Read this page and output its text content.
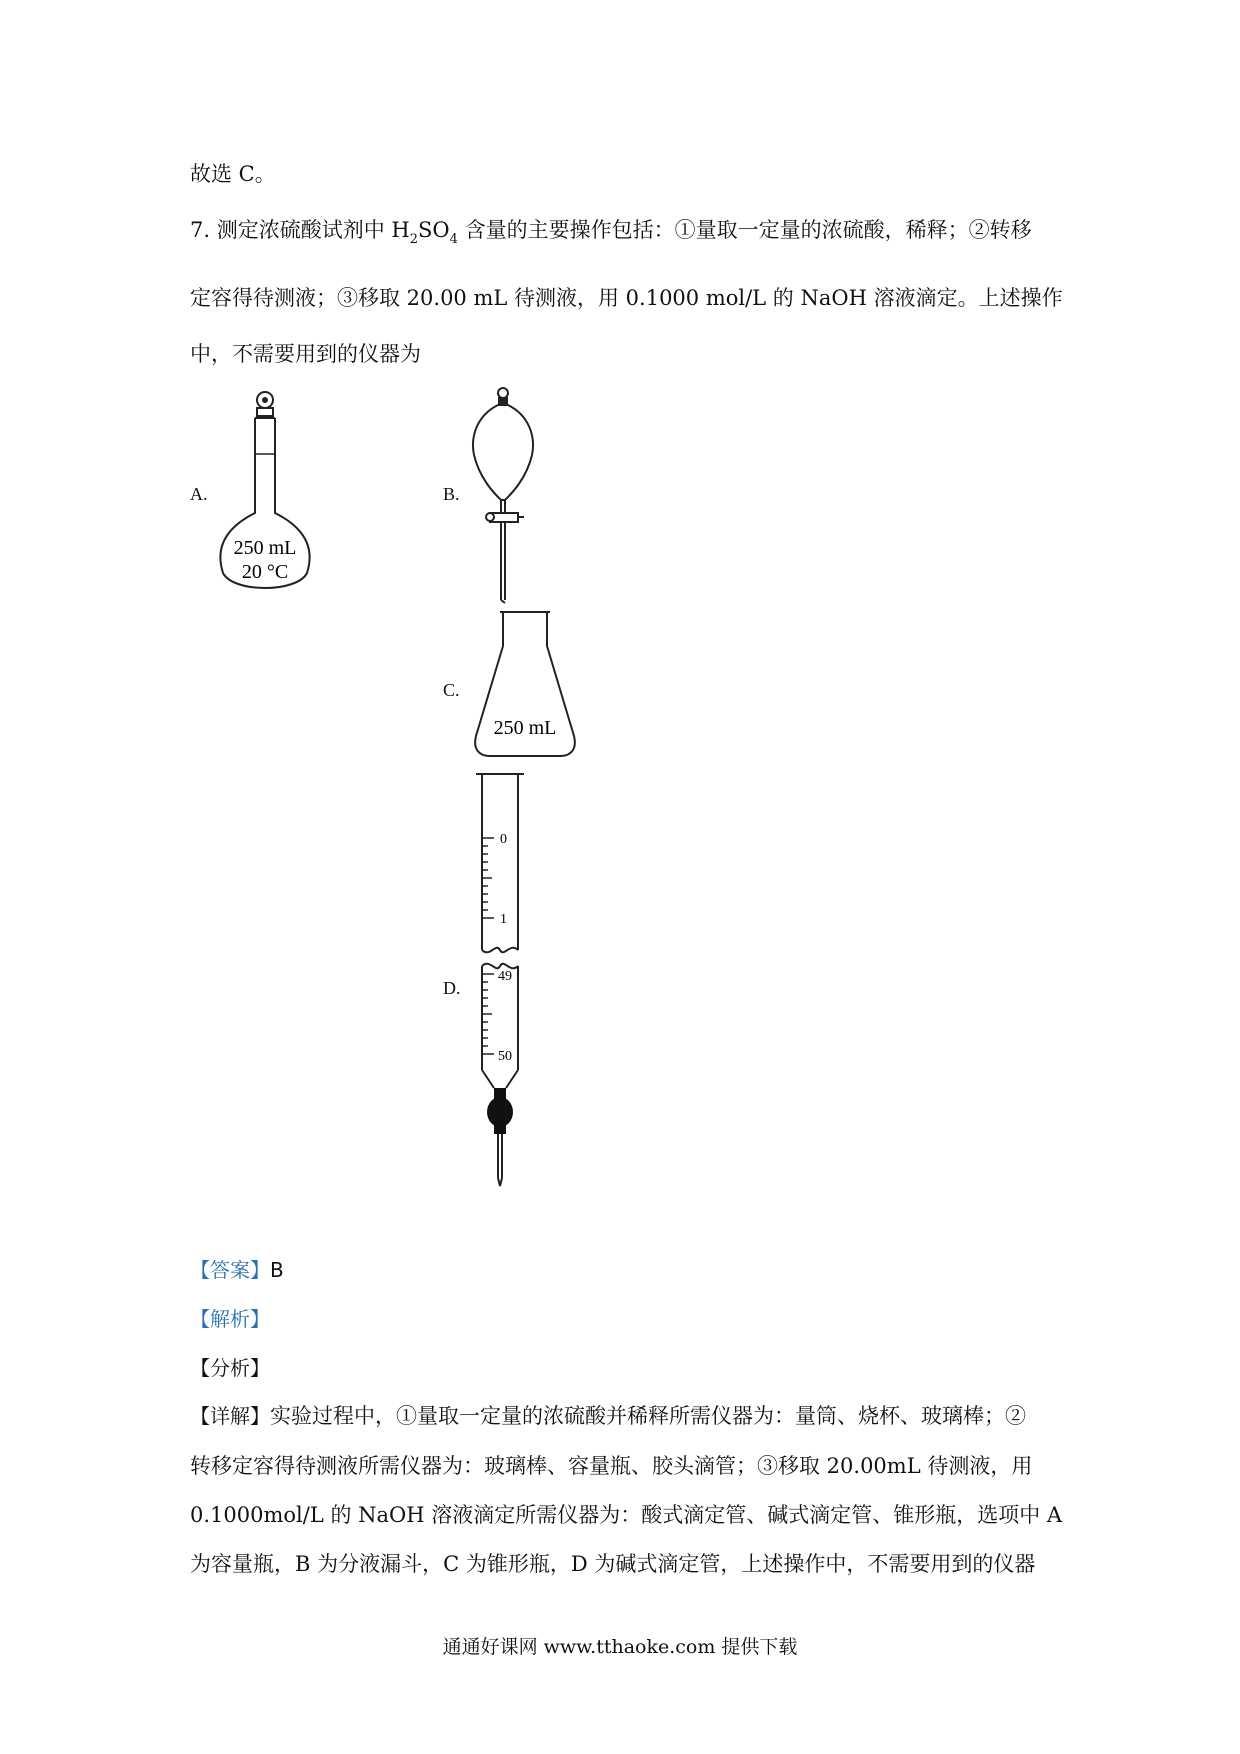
故选 C。
7. 测定浓硫酸试剂中 $H_2SO_4$ 含量的主要操作包括：①量取一定量的浓硫酸，稀释；②转移
定容得待测液；③移取 20.00 mL 待测液，用 0.1000 mol/L 的 NaOH 溶液滴定。上述操作
中，不需要用到的仪器为
A.	B.
C.
D.
250 mL
20 °C
250 mL
0
1
49
50
【答案】B
【解析】
【分析】
【详解】实验过程中，①量取一定量的浓硫酸并稀释所需仪器为：量筒、烧杯、玻璃棒；②
转移定容得待测液所需仪器为：玻璃棒、容量瓶、胶头滴管；③移取 20.00mL 待测液，用
0.1000mol/L 的 NaOH 溶液滴定所需仪器为：酸式滴定管、碱式滴定管、锥形瓶，选项中 A
为容量瓶，B 为分液漏斗，C 为锥形瓶，D 为碱式滴定管，上述操作中，不需要用到的仪器
通通好课网 www.tthaoke.com 提供下载
